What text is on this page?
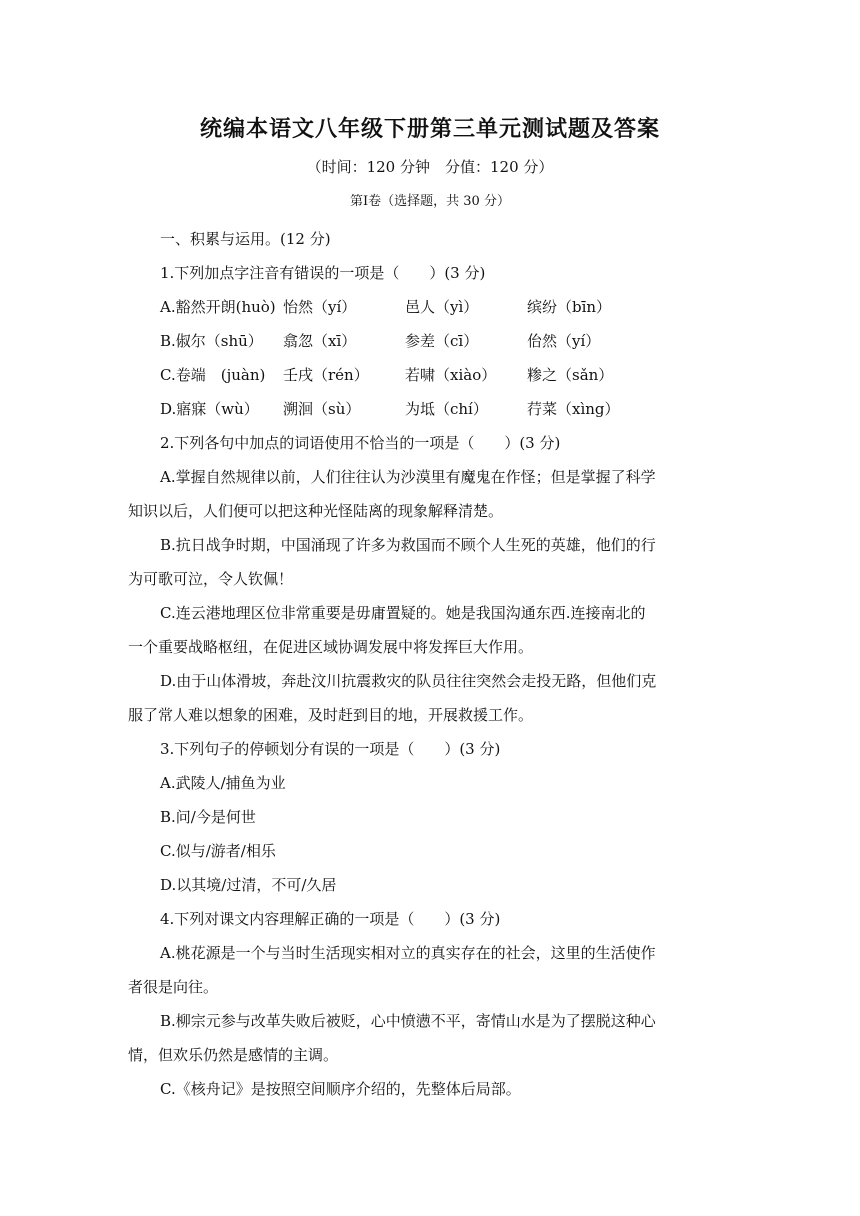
统编本语文八年级下册第三单元测试题及答案
（时间：120 分钟　分值：120 分）
第Ⅰ卷（选择题，共 30 分）

一、积累与运用。(12 分)

1.下列加点字注音有错误的一项是（　　）(3 分)

A.豁然开朗(huò) 怡然（yí）	邑人（yì）	缤纷（bīn）
B.俶尔（shū）	翕忽（xī）	参差（cī）	佁然（yí）
C.卷端　(juàn)	壬戌（rén）	若啸（xiào）	糁之（sǎn）
D.寤寐（wù）	溯洄（sù）	为坻（chí）	荇菜（xìng）

2.下列各句中加点的词语使用不恰当的一项是（　　）(3 分)

A.掌握自然规律以前，人们往往认为沙漠里有魔鬼在作怪；但是掌握了科学

知识以后，人们便可以把这种光怪陆离的现象解释清楚。

B.抗日战争时期，中国涌现了许多为救国而不顾个人生死的英雄，他们的行

为可歌可泣，令人钦佩！

C.连云港地理区位非常重要是毋庸置疑的。她是我国沟通东西.连接南北的

一个重要战略枢纽，在促进区域协调发展中将发挥巨大作用。

D.由于山体滑坡，奔赴汶川抗震救灾的队员往往突然会走投无路，但他们克

服了常人难以想象的困难，及时赶到目的地，开展救援工作。

3.下列句子的停顿划分有误的一项是（　　）(3 分)

A.武陵人/捕鱼为业

B.问/今是何世

C.似与/游者/相乐

D.以其境/过清，不可/久居

4.下列对课文内容理解正确的一项是（　　）(3 分)

A.桃花源是一个与当时生活现实相对立的真实存在的社会，这里的生活使作

者很是向往。

B.柳宗元参与改革失败后被贬，心中愤懑不平，寄情山水是为了摆脱这种心

情，但欢乐仍然是感情的主调。

C.《核舟记》是按照空间顺序介绍的，先整体后局部。
